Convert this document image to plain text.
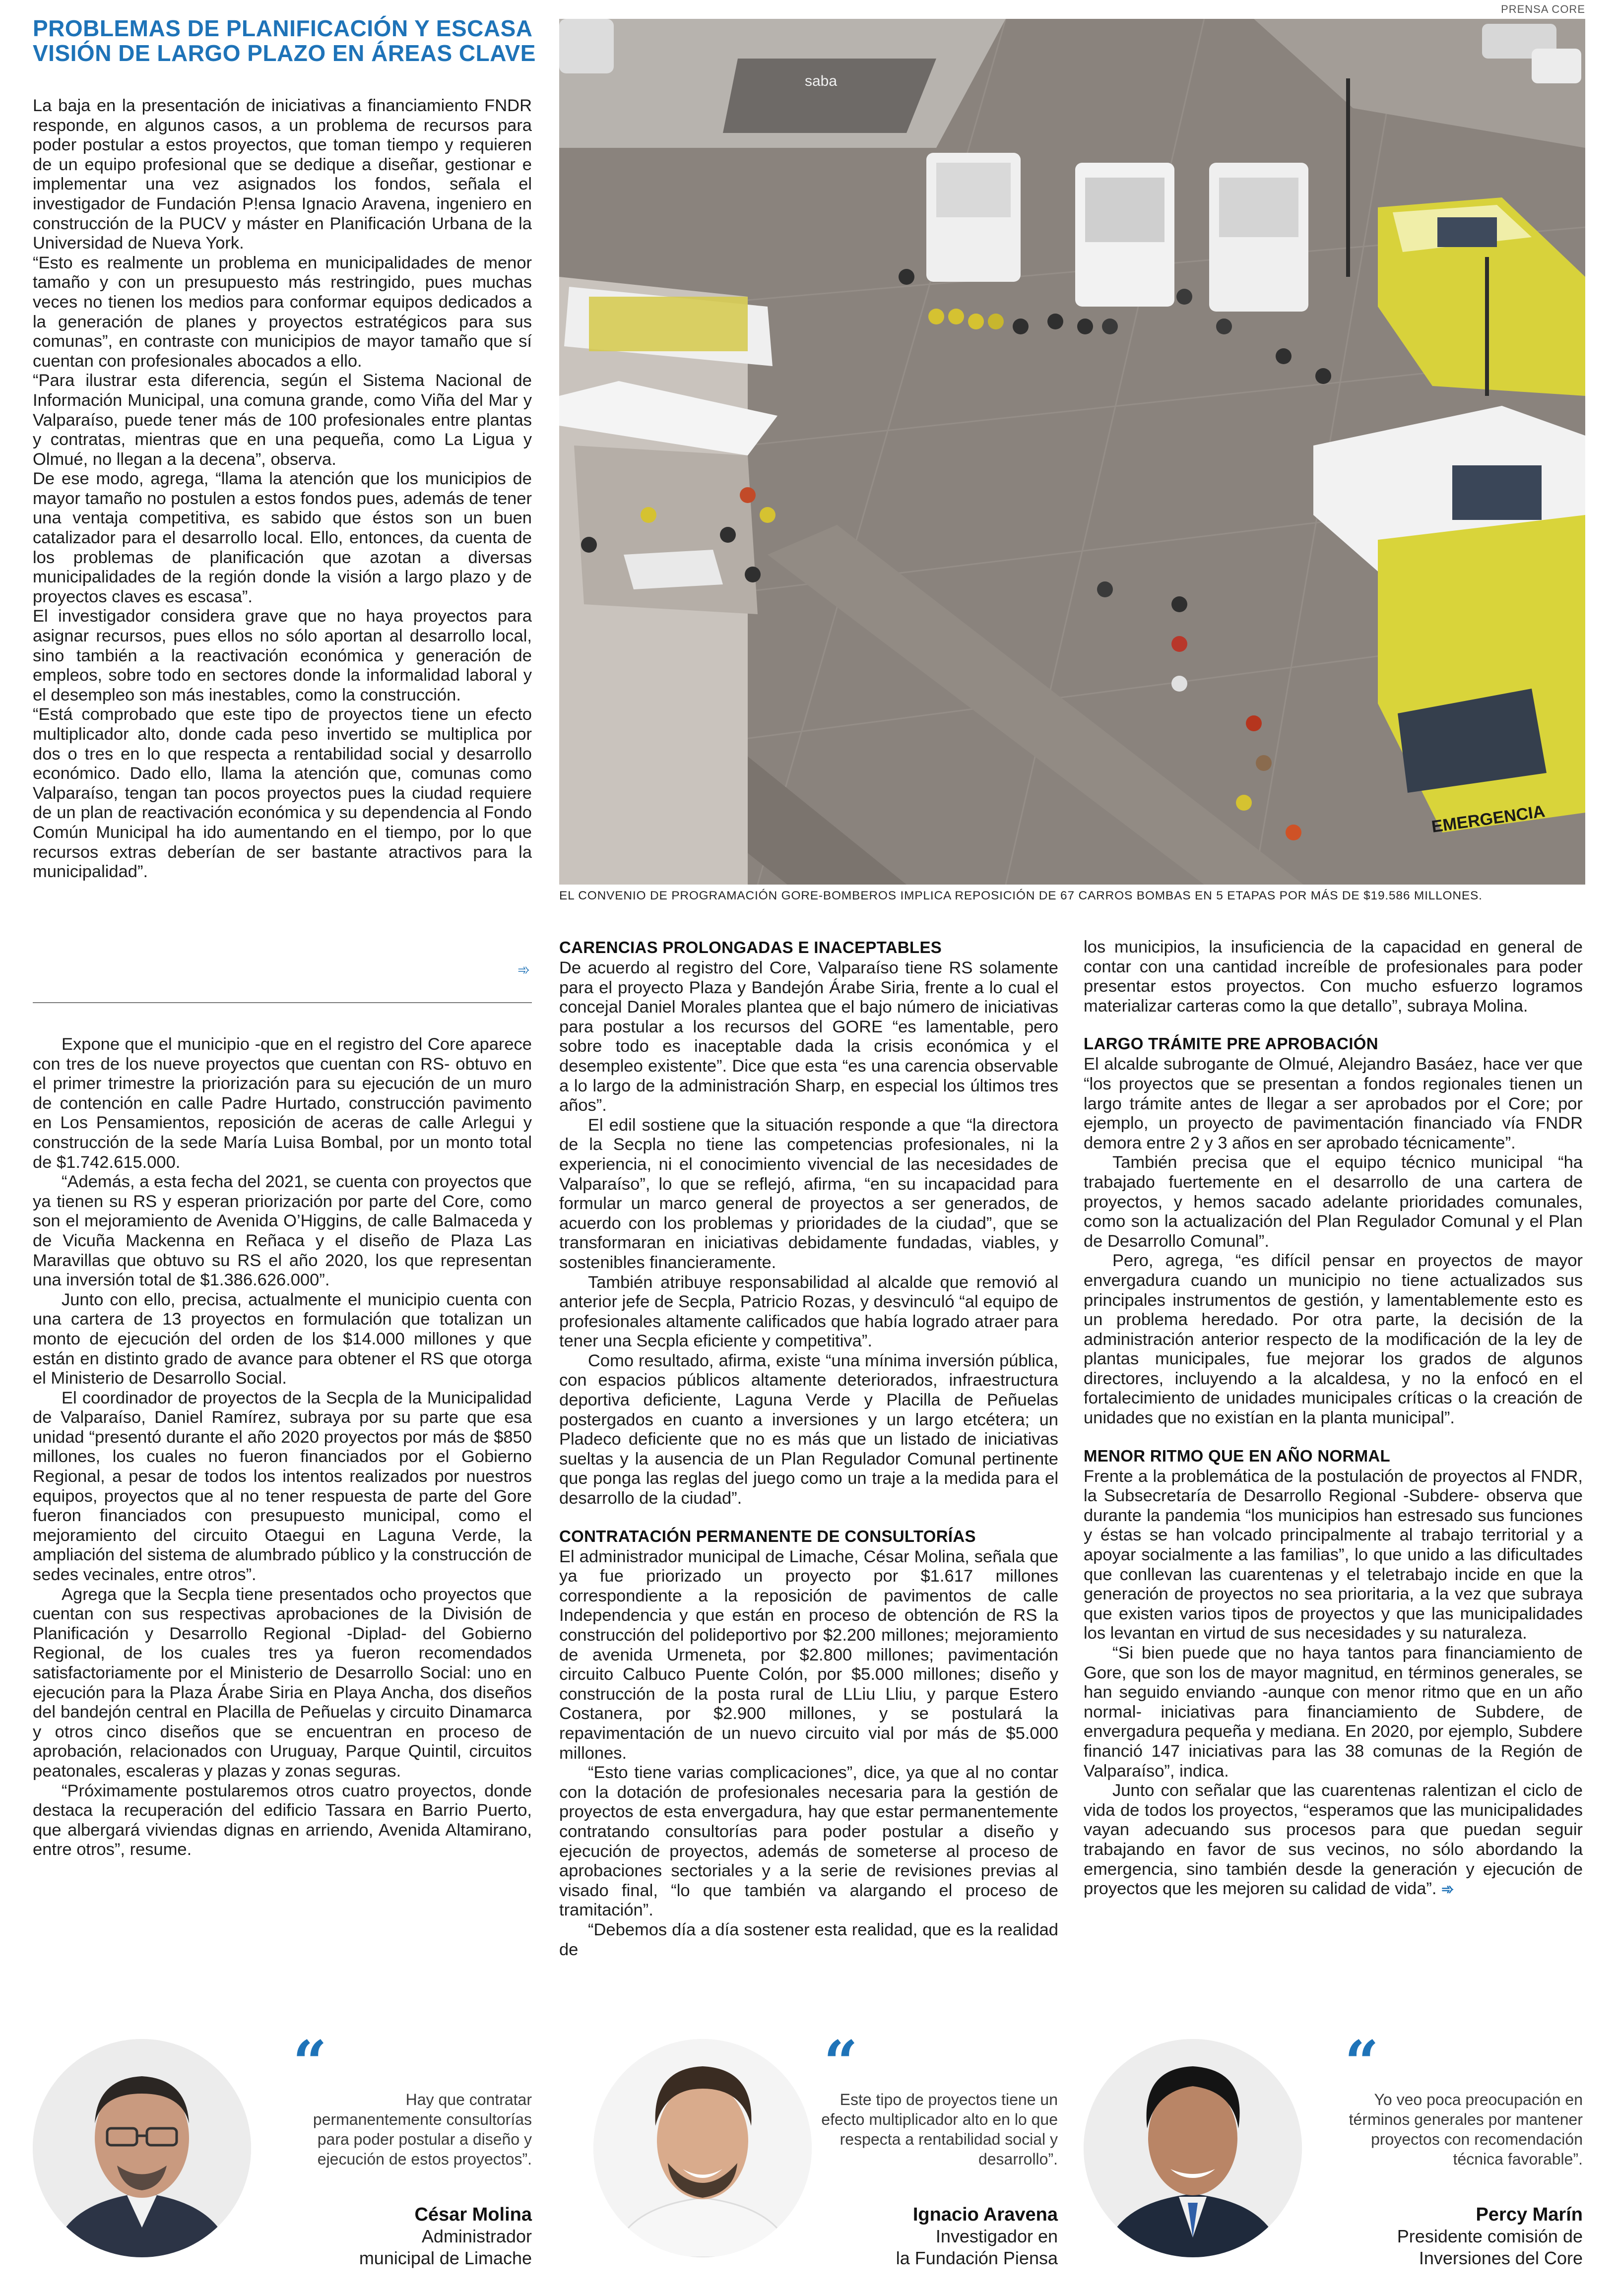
PRENSA CORE
PROBLEMAS DE PLANIFICACIÓN Y ESCASA
VISIÓN DE LARGO PLAZO EN ÁREAS CLAVE
saba
EMERGENCIA
EL CONVENIO DE PROGRAMACIÓN GORE-BOMBEROS IMPLICA REPOSICIÓN DE 67 CARROS BOMBAS EN 5 ETAPAS POR MÁS DE $19.586 MILLONES.

La baja en la presentación de iniciativas a financiamiento FNDR responde, en algunos casos, a un problema de recursos para poder postular a estos proyectos, que toman tiempo y requieren de un equipo profesional que se dedique a diseñar, gestionar e implementar una vez asignados los fondos, señala el investigador de Fundación P!ensa Ignacio Aravena, ingeniero en construcción de la PUCV y máster en Planificación Urbana de la Universidad de Nueva York.

“Esto es realmente un problema en municipalidades de menor tamaño y con un presupuesto más restringido, pues muchas veces no tienen los medios para conformar equipos dedicados a la generación de planes y proyectos estratégicos para sus comunas”, en contraste con municipios de mayor tamaño que sí cuentan con profesionales abocados a ello.

“Para ilustrar esta diferencia, según el Sistema Nacional de Información Municipal, una comuna grande, como Viña del Mar y Valparaíso, puede tener más de 100 profesionales entre plantas y contratas, mientras que en una pequeña, como La Ligua y Olmué, no llegan a la decena”, observa.

De ese modo, agrega, “llama la atención que los municipios de mayor tamaño no postulen a estos fondos pues, además de tener una ventaja competitiva, es sabido que éstos son un buen catalizador para el desarrollo local. Ello, entonces, da cuenta de los problemas de planificación que azotan a diversas municipalidades de la región donde la visión a largo plazo y de proyectos claves es escasa”.

El investigador considera grave que no haya proyectos para asignar recursos, pues ellos no sólo aportan al desarrollo local, sino también a la reactivación económica y generación de empleos, sobre todo en sectores donde la informalidad laboral y el desempleo son más inestables, como la construcción.

“Está comprobado que este tipo de proyectos tiene un efecto multiplicador alto, donde cada peso invertido se multiplica por dos o tres en lo que respecta a rentabilidad social y desarrollo económico. Dado ello, llama la atención que, comunas como Valparaíso, tengan tan pocos proyectos pues la ciudad requiere de un plan de reactivación económica y su dependencia al Fondo Común Municipal ha ido aumentando en el tiempo, por lo que recursos extras deberían de ser bastante atractivos para la municipalidad”.

➾

Expone que el municipio -que en el registro del Core aparece con tres de los nueve proyectos que cuentan con RS- obtuvo en el primer trimestre la priorización para su ejecución de un muro de contención en calle Padre Hurtado, construcción pavimento en Los Pensamientos, reposición de aceras de calle Arlegui y construcción de la sede María Luisa Bombal, por un monto total de $1.742.615.000.

“Además, a esta fecha del 2021, se cuenta con proyectos que ya tienen su RS y esperan priorización por parte del Core, como son el mejoramiento de Avenida O’Higgins, de calle Balmaceda y de Vicuña Mackenna en Reñaca y el diseño de Plaza Las Maravillas que obtuvo su RS el año 2020, los que representan una inversión total de $1.386.626.000”.

Junto con ello, precisa, actualmente el municipio cuenta con una cartera de 13 proyectos en formulación que totalizan un monto de ejecución del orden de los $14.000 millones y que están en distinto grado de avance para obtener el RS que otorga el Ministerio de Desarrollo Social.

El coordinador de proyectos de la Secpla de la Municipalidad de Valparaíso, Daniel Ramírez, subraya por su parte que esa unidad “presentó durante el año 2020 proyectos por más de $850 millones, los cuales no fueron financiados por el Gobierno Regional, a pesar de todos los intentos realizados por nuestros equipos, proyectos que al no tener respuesta de parte del Gore fueron financiados con presupuesto municipal, como el mejoramiento del circuito Otaegui en Laguna Verde, la ampliación del sistema de alumbrado público y la construcción de sedes vecinales, entre otros”.

Agrega que la Secpla tiene presentados ocho proyectos que cuentan con sus respectivas aprobaciones de la División de Planificación y Desarrollo Regional -Diplad- del Gobierno Regional, de los cuales tres ya fueron recomendados satisfactoriamente por el Ministerio de Desarrollo Social: uno en ejecución para la Plaza Árabe Siria en Playa Ancha, dos diseños del bandejón central en Placilla de Peñuelas y circuito Dinamarca y otros cinco diseños que se encuentran en proceso de aprobación, relacionados con Uruguay, Parque Quintil, circuitos peatonales, escaleras y plazas y zonas seguras.

“Próximamente postularemos otros cuatro proyectos, donde destaca la recuperación del edificio Tassara en Barrio Puerto, que albergará viviendas dignas en arriendo, Avenida Altamirano, entre otros”, resume.

CARENCIAS PROLONGADAS E INACEPTABLES

De acuerdo al registro del Core, Valparaíso tiene RS solamente para el proyecto Plaza y Bandejón Árabe Siria, frente a lo cual el concejal Daniel Morales plantea que el bajo número de iniciativas para postular a los recursos del GORE “es lamentable, pero sobre todo es inaceptable dada la crisis económica y el desempleo existente”. Dice que esta “es una carencia observable a lo largo de la administración Sharp, en especial los últimos tres años”.

El edil sostiene que la situación responde a que “la directora de la Secpla no tiene las competencias profesionales, ni la experiencia, ni el conocimiento vivencial de las necesidades de Valparaíso”, lo que se reflejó, afirma, “en su incapacidad para formular un marco general de proyectos a ser generados, de acuerdo con los problemas y prioridades de la ciudad”, que se transformaran en iniciativas debidamente fundadas, viables, y sostenibles financieramente.

También atribuye responsabilidad al alcalde que removió al anterior jefe de Secpla, Patricio Rozas, y desvinculó “al equipo de profesionales altamente calificados que había logrado atraer para tener una Secpla eficiente y competitiva”.

Como resultado, afirma, existe “una mínima inversión pública, con espacios públicos altamente deteriorados, infraestructura deportiva deficiente, Laguna Verde y Placilla de Peñuelas postergados en cuanto a inversiones y un largo etcétera; un Pladeco deficiente que no es más que un listado de iniciativas sueltas y la ausencia de un Plan Regulador Comunal pertinente que ponga las reglas del juego como un traje a la medida para el desarrollo de la ciudad”.

CONTRATACIÓN PERMANENTE DE CONSULTORÍAS

El administrador municipal de Limache, César Molina, señala que ya fue priorizado un proyecto por $1.617 millones correspondiente a la reposición de pavimentos de calle Independencia y que están en proceso de obtención de RS la construcción del polideportivo por $2.200 millones; mejoramiento de avenida Urmeneta, por $2.800 millones; pavimentación circuito Calbuco Puente Colón, por $5.000 millones; diseño y construcción de la posta rural de LLiu Lliu, y parque Estero Costanera, por $2.900 millones, y se postulará la repavimentación de un nuevo circuito vial por más de $5.000 millones.

“Esto tiene varias complicaciones”, dice, ya que al no contar con la dotación de profesionales necesaria para la gestión de proyectos de esta envergadura, hay que estar permanentemente contratando consultorías para poder postular a diseño y ejecución de proyectos, además de someterse al proceso de aprobaciones sectoriales y a la serie de revisiones previas al visado final, “lo que también va alargando el proceso de tramitación”.

“Debemos día a día sostener esta realidad, que es la realidad de

los municipios, la insuficiencia de la capacidad en general de contar con una cantidad increíble de profesionales para poder presentar estos proyectos. Con mucho esfuerzo logramos materializar carteras como la que detallo”, subraya Molina.

LARGO TRÁMITE PRE APROBACIÓN

El alcalde subrogante de Olmué, Alejandro Basáez, hace ver que “los proyectos que se presentan a fondos regionales tienen un largo trámite antes de llegar a ser aprobados por el Core; por ejemplo, un proyecto de pavimentación financiado vía FNDR demora entre 2 y 3 años en ser aprobado técnicamente”.

También precisa que el equipo técnico municipal “ha trabajado fuertemente en el desarrollo de una cartera de proyectos, y hemos sacado adelante prioridades comunales, como son la actualización del Plan Regulador Comunal y el Plan de Desarrollo Comunal”.

Pero, agrega, “es difícil pensar en proyectos de mayor envergadura cuando un municipio no tiene actualizados sus principales instrumentos de gestión, y lamentablemente esto es un problema heredado. Por otra parte, la decisión de la administración anterior respecto de la modificación de la ley de plantas municipales, fue mejorar los grados de algunos directores, incluyendo a la alcaldesa, y no la enfocó en el fortalecimiento de unidades municipales críticas o la creación de unidades que no existían en la planta municipal”.

MENOR RITMO QUE EN AÑO NORMAL

Frente a la problemática de la postulación de proyectos al FNDR, la Subsecretaría de Desarrollo Regional -Subdere- observa que durante la pandemia “los municipios han estresado sus funciones y éstas se han volcado principalmente al trabajo territorial y a apoyar socialmente a las familias”, lo que unido a las dificultades que conllevan las cuarentenas y el teletrabajo incide en que la generación de proyectos no sea prioritaria, a la vez que subraya que existen varios tipos de proyectos y que las municipalidades los levantan en virtud de sus necesidades y su naturaleza.

“Si bien puede que no haya tantos para financiamiento de Gore, que son los de mayor magnitud, en términos generales, se han seguido enviando -aunque con menor ritmo que en un año normal- iniciativas para financiamiento de Subdere, de envergadura pequeña y mediana. En 2020, por ejemplo, Subdere financió 147 iniciativas para las 38 comunas de la Región de Valparaíso”, indica.

Junto con señalar que las cuarentenas ralentizan el ciclo de vida de todos los proyectos, “esperamos que las municipalidades vayan adecuando sus procesos para que puedan seguir trabajando en favor de sus vecinos, no sólo abordando la emergencia, sino también desde la generación y ejecución de proyectos que les mejoren su calidad de vida”. ➾

“
Hay que contratar permanentemente consultorías para poder postular a diseño y ejecución de estos proyectos”.
César Molina
Administrador
municipal de Limache
“
Este tipo de proyectos tiene un efecto multiplicador alto en lo que respecta a rentabilidad social y desarrollo”.
Ignacio Aravena
Investigador en
la Fundación Piensa
“
Yo veo poca preocupación en términos generales por mantener proyectos con recomendación técnica favorable”.
Percy Marín
Presidente comisión de
Inversiones del Core
